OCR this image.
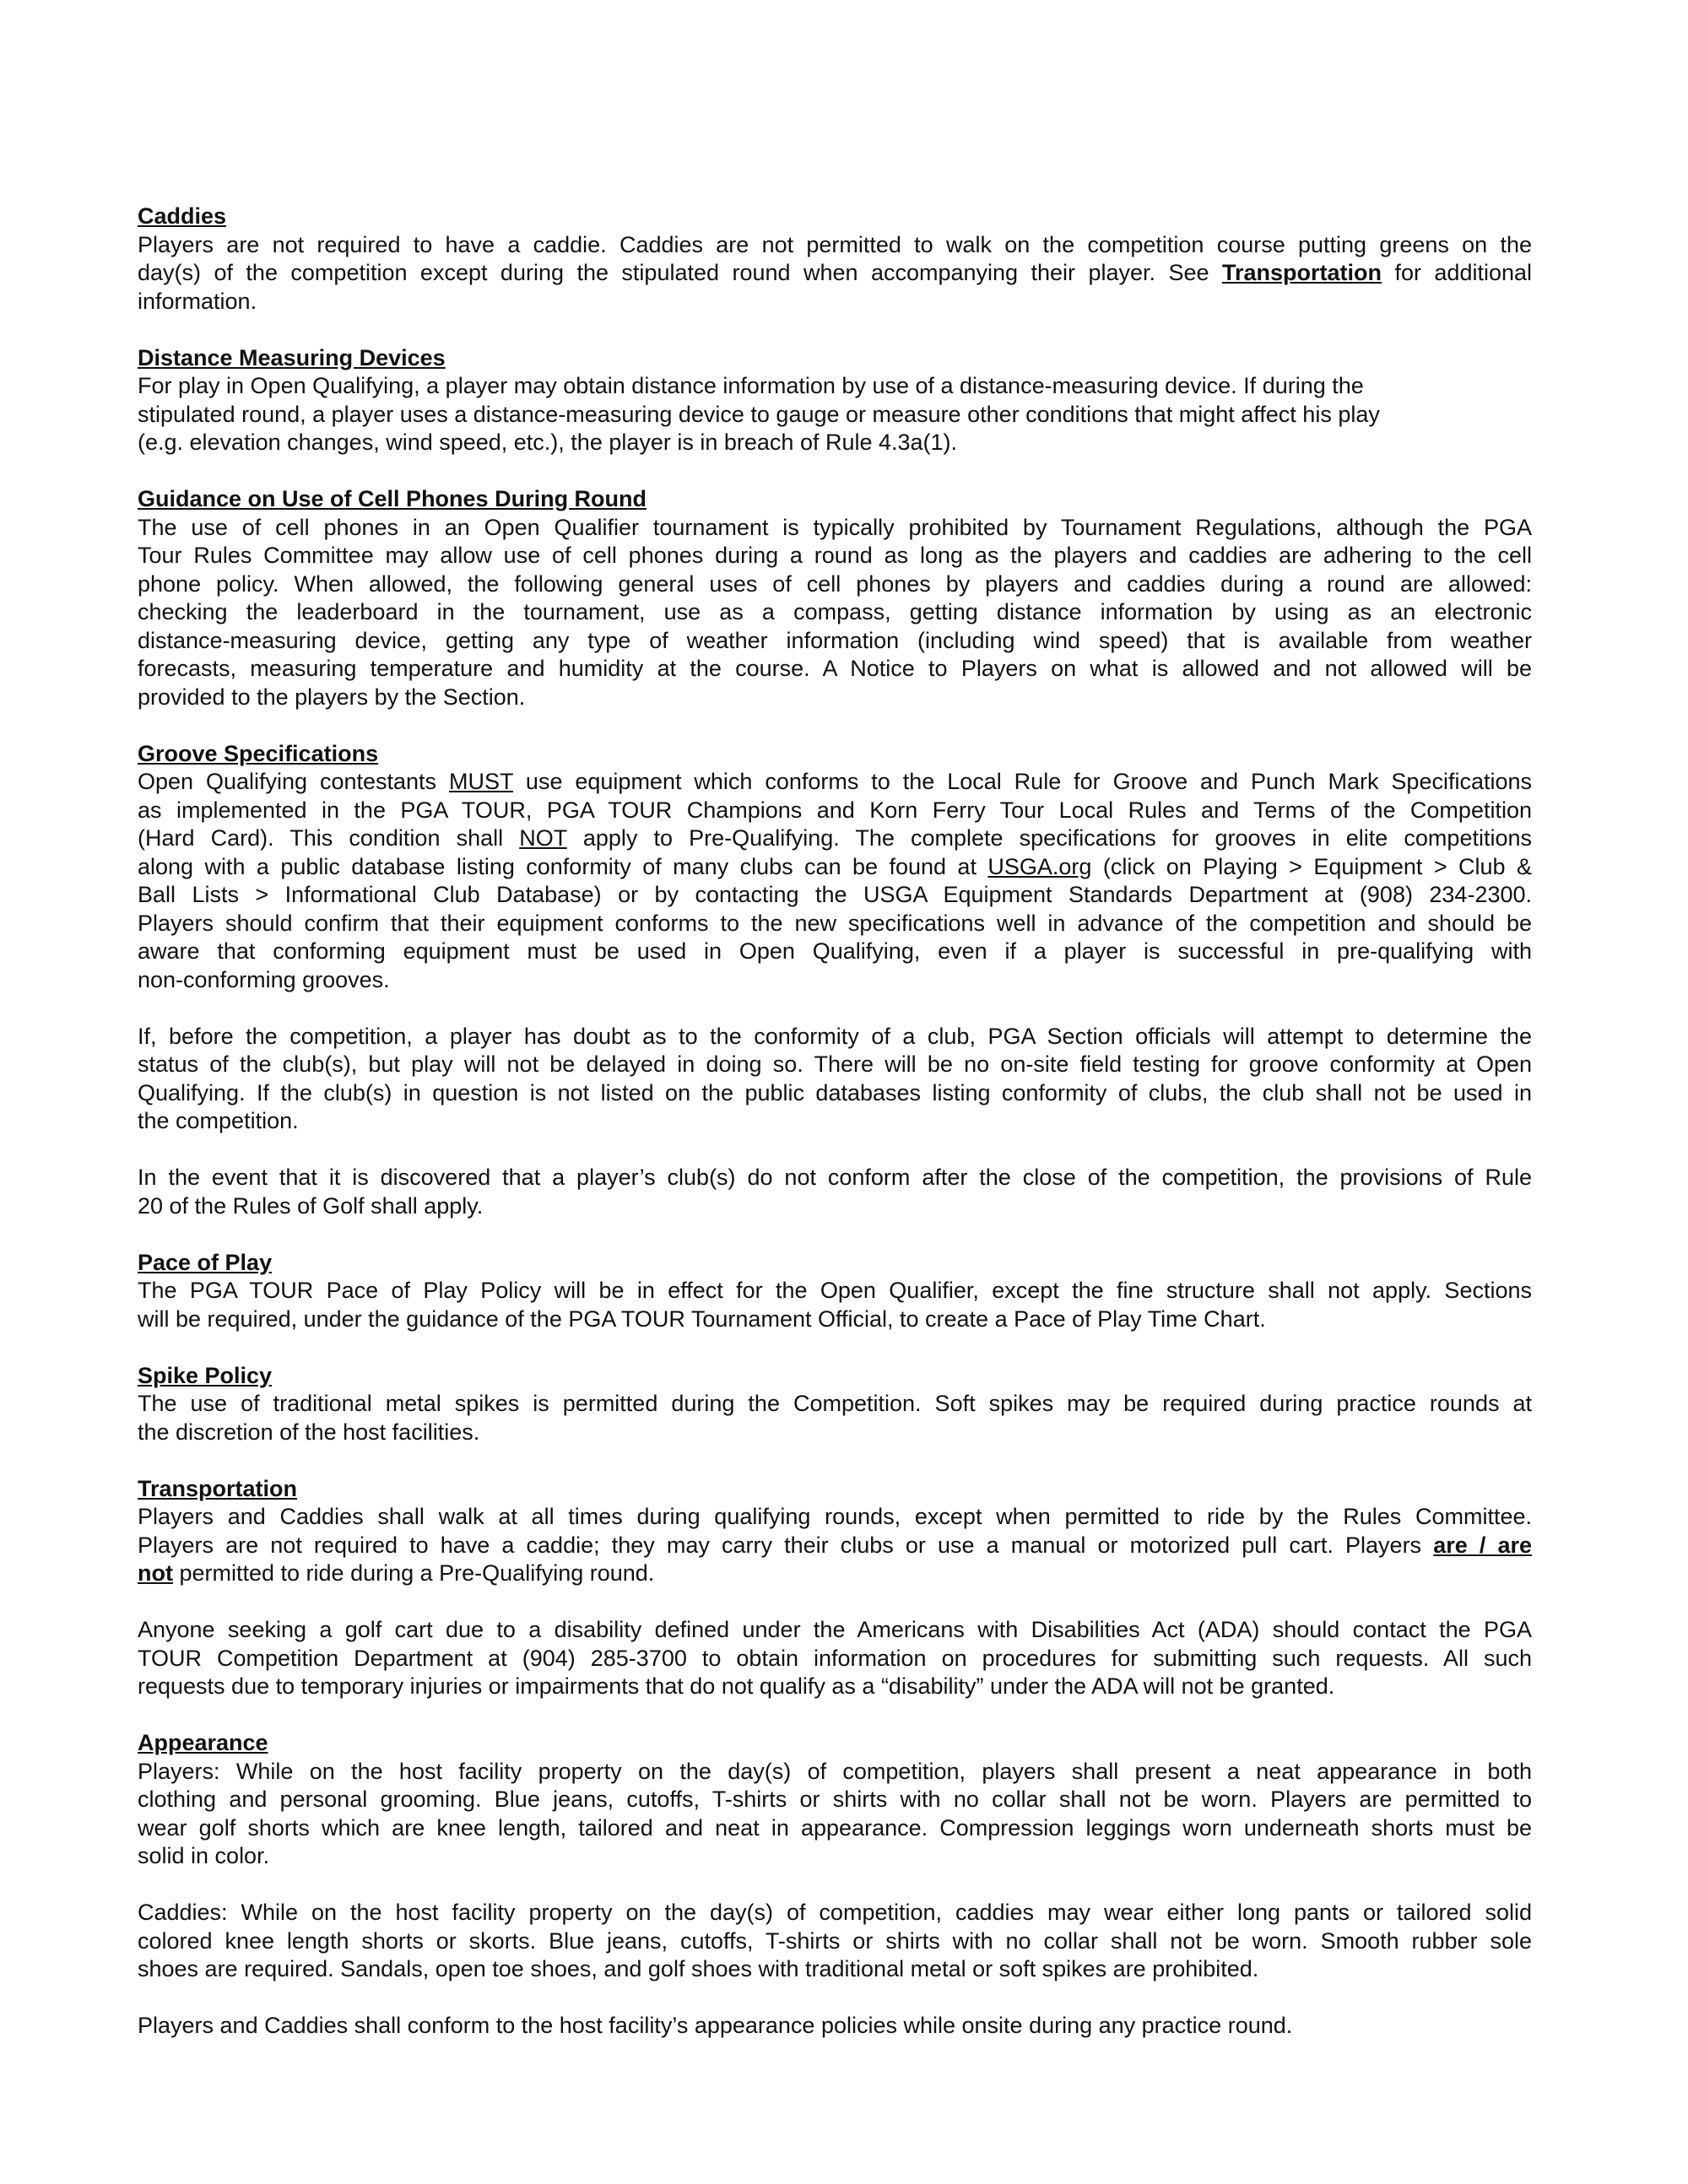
Caddies
Players are not required to have a caddie. Caddies are not permitted to walk on the competition course putting greens on the
day(s) of the competition except during the stipulated round when accompanying their player. See Transportation for additional
information.
Distance Measuring Devices
For play in Open Qualifying, a player may obtain distance information by use of a distance-measuring device. If during the
stipulated round, a player uses a distance-measuring device to gauge or measure other conditions that might affect his play
(e.g. elevation changes, wind speed, etc.), the player is in breach of Rule 4.3a(1).
Guidance on Use of Cell Phones During Round
The use of cell phones in an Open Qualifier tournament is typically prohibited by Tournament Regulations, although the PGA
Tour Rules Committee may allow use of cell phones during a round as long as the players and caddies are adhering to the cell
phone policy. When allowed, the following general uses of cell phones by players and caddies during a round are allowed:
checking the leaderboard in the tournament, use as a compass, getting distance information by using as an electronic
distance-measuring device, getting any type of weather information (including wind speed) that is available from weather
forecasts, measuring temperature and humidity at the course. A Notice to Players on what is allowed and not allowed will be
provided to the players by the Section.
Groove Specifications
Open Qualifying contestants MUST use equipment which conforms to the Local Rule for Groove and Punch Mark Specifications
as implemented in the PGA TOUR, PGA TOUR Champions and Korn Ferry Tour Local Rules and Terms of the Competition
(Hard Card). This condition shall NOT apply to Pre-Qualifying. The complete specifications for grooves in elite competitions
along with a public database listing conformity of many clubs can be found at USGA.org (click on Playing > Equipment > Club &
Ball Lists > Informational Club Database) or by contacting the USGA Equipment Standards Department at (908) 234-2300.
Players should confirm that their equipment conforms to the new specifications well in advance of the competition and should be
aware that conforming equipment must be used in Open Qualifying, even if a player is successful in pre-qualifying with
non-conforming grooves.
If, before the competition, a player has doubt as to the conformity of a club, PGA Section officials will attempt to determine the
status of the club(s), but play will not be delayed in doing so. There will be no on-site field testing for groove conformity at Open
Qualifying. If the club(s) in question is not listed on the public databases listing conformity of clubs, the club shall not be used in
the competition.
In the event that it is discovered that a player’s club(s) do not conform after the close of the competition, the provisions of Rule
20 of the Rules of Golf shall apply.
Pace of Play
The PGA TOUR Pace of Play Policy will be in effect for the Open Qualifier, except the fine structure shall not apply. Sections
will be required, under the guidance of the PGA TOUR Tournament Official, to create a Pace of Play Time Chart.
Spike Policy
The use of traditional metal spikes is permitted during the Competition. Soft spikes may be required during practice rounds at
the discretion of the host facilities.
Transportation
Players and Caddies shall walk at all times during qualifying rounds, except when permitted to ride by the Rules Committee.
Players are not required to have a caddie; they may carry their clubs or use a manual or motorized pull cart. Players are / are
not permitted to ride during a Pre-Qualifying round.
Anyone seeking a golf cart due to a disability defined under the Americans with Disabilities Act (ADA) should contact the PGA
TOUR Competition Department at (904) 285-3700 to obtain information on procedures for submitting such requests. All such
requests due to temporary injuries or impairments that do not qualify as a “disability” under the ADA will not be granted.
Appearance
Players: While on the host facility property on the day(s) of competition, players shall present a neat appearance in both
clothing and personal grooming. Blue jeans, cutoffs, T-shirts or shirts with no collar shall not be worn. Players are permitted to
wear golf shorts which are knee length, tailored and neat in appearance. Compression leggings worn underneath shorts must be
solid in color.
Caddies: While on the host facility property on the day(s) of competition, caddies may wear either long pants or tailored solid
colored knee length shorts or skorts. Blue jeans, cutoffs, T-shirts or shirts with no collar shall not be worn. Smooth rubber sole
shoes are required. Sandals, open toe shoes, and golf shoes with traditional metal or soft spikes are prohibited.
Players and Caddies shall conform to the host facility’s appearance policies while onsite during any practice round.
